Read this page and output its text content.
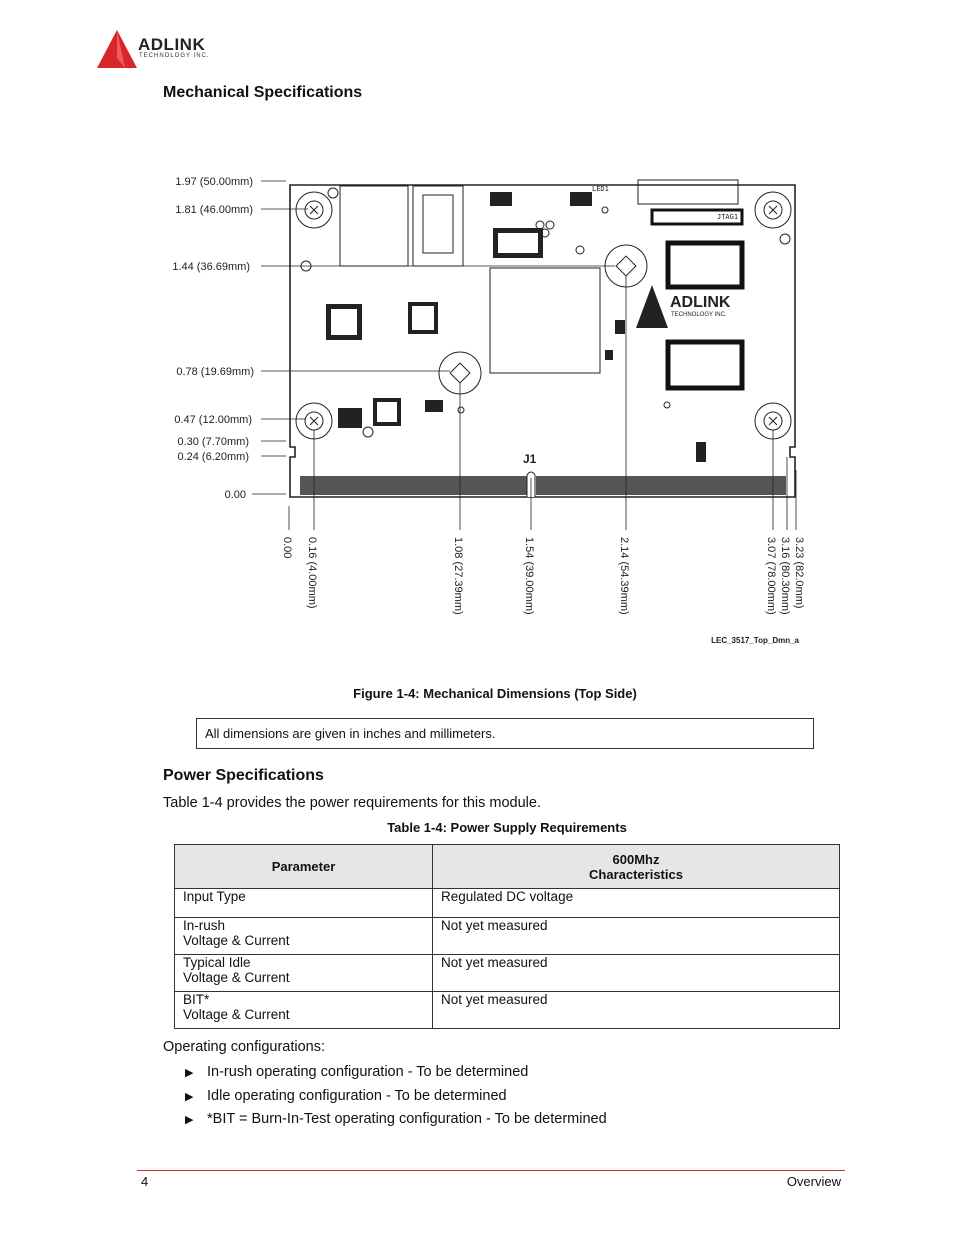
ADLINK
TECHNOLOGY INC.
Mechanical Specifications
ADLINK
TECHNOLOGY INC.
LED1
JTAG1
J1
1.97 (50.00mm)
1.81 (46.00mm)
1.44 (36.69mm)
0.78 (19.69mm)
0.47 (12.00mm)
0.30 (7.70mm)
0.24 (6.20mm)
0.00
0.00 0.16 (4.00mm)	1.08 (27.39mm)	1.54 (39.00mm)	2.14 (54.39mm)	3.07 (78.00mm) 3.16 (80.30mm) 3.23 (82.0mm)
LEC_3517_Top_Dmn_a
Figure 1-4: Mechanical Dimensions (Top Side)
All dimensions are given in inches and millimeters.
Power Specifications
Table 1-4 provides the power requirements for this module.
Table 1-4: Power Supply Requirements
Parameter	600Mhz
Characteristics

Input Type	Regulated DC voltage

In-rush
Voltage & Current	Not yet measured

Typical Idle
Voltage & Current	Not yet measured

BIT*
Voltage & Current	Not yet measured
Operating configurations:
▶ In-rush operating configuration - To be determined
▶ Idle operating configuration - To be determined
▶ *BIT = Burn-In-Test operating configuration - To be determined
4	Overview
